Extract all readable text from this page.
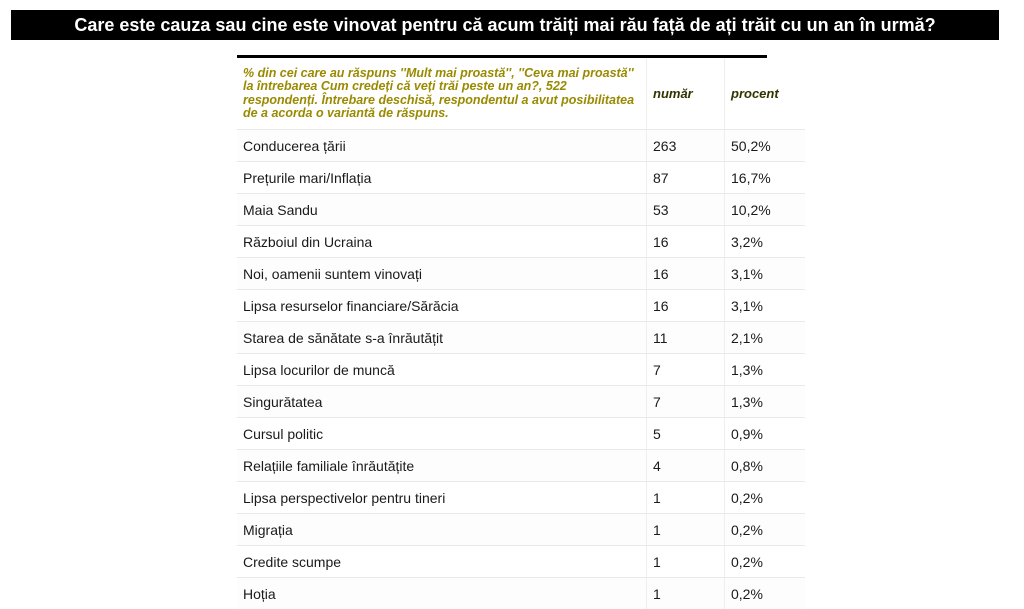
Care este cauza sau cine este vinovat pentru că acum trăiți mai rău față de ați trăit cu un an în urmă?
% din cei care au răspuns ''Mult mai proastă'', ''Ceva mai proastă'' la întrebarea Cum credeți că veți trăi peste un an?, 522 respondenți. Întrebare deschisă, respondentul a avut posibilitatea de a acorda o variantă de răspuns.	număr	procent
Conducerea țării	263	50,2%
Prețurile mari/Inflația	87	16,7%
Maia Sandu	53	10,2%
Războiul din Ucraina	16	3,2%
Noi, oamenii suntem vinovați	16	3,1%
Lipsa resurselor financiare/Sărăcia	16	3,1%
Starea de sănătate s-a înrăutățit	11	2,1%
Lipsa locurilor de muncă	7	1,3%
Singurătatea	7	1,3%
Cursul politic	5	0,9%
Relațiile familiale înrăutățite	4	0,8%
Lipsa perspectivelor pentru tineri	1	0,2%
Migrația	1	0,2%
Credite scumpe	1	0,2%
Hoția	1	0,2%
